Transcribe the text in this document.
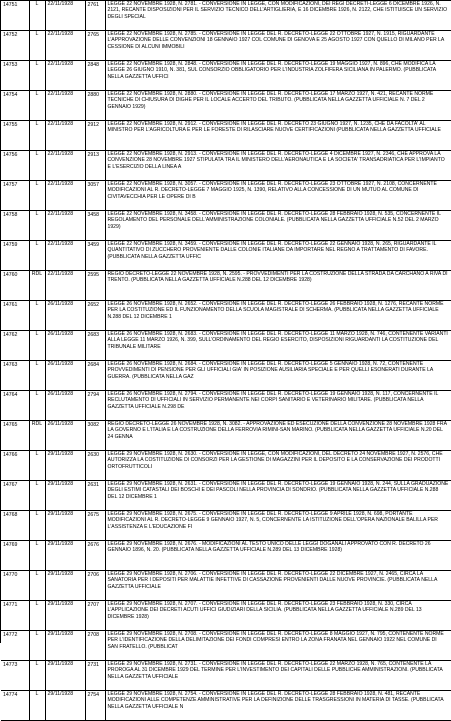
14751	L	22/11/1928	2761	LEGGE 22 NOVEMBRE 1928, N. 2781. - CONVERSIONE IN LEGGE, CON MODIFICAZIONI, DEI REGI DECRETI-LEGGE 6 DICEMBRE 1926, N. 2121, RECANTE DISPOSIZIONI PER IL SERVIZIO TECNICO DELL'ARTIGLIERIA, E 16 DICEMBRE 1926, N. 2122, CHE ISTITUISCE UN SERVIZIO DEGLI SPECIAL
14752	L	22/11/1928	2765	LEGGE 22 NOVEMBRE 1928, N. 2785. - CONVERSIONE IN LEGGE DEL R. DECRETO-LEGGE 22 OTTOBRE 1927, N. 1915, RIGUARDANTE L'APPROVAZIONE DELLE CONVENZIONI 18 GENNAIO 1927 COL COMUNE DI GENOVA E 25 AGOSTO 1927 CON QUELLO DI MILANO PER LA CESSIONE DI ALCUNI IMMOBILI
14753	L	22/11/1928	2848	LEGGE 22 NOVEMBRE 1928, N. 2848. - CONVERSIONE IN LEGGE DEL R. DECRETO-LEGGE 19 MAGGIO 1927, N. 896, CHE MODIFICA LA LEGGE 26 GIUGNO 1910, N. 381, SUL CONSORZIO OBBLIGATORIO PER L'INDUSTRIA ZOLFIFERA SICILIANA IN PALERMO. (PUBBLICATA NELLA GAZZETTA UFFICI
14754	L	22/11/1928	2880	LEGGE 22 NOVEMBRE 1928, N. 2880. - CONVERSIONE IN LEGGE DEL R. DECRETO-LEGGE 17 MARZO 1927, N. 421, RECANTE NORME TECNICHE DI CHIUSURA DI DIGHE PER IL LOCALE ACCERTO DEL TRIBUTO. (PUBBLICATA NELLA GAZZETTA UFFICIALE N. 7 DEL 2 GENNAIO 1929)
14755	L	22/11/1928	2912	LEGGE 22 NOVEMBRE 1928, N. 2912. - CONVERSIONE IN LEGGE DEL R. DECRETO 23 GIUGNO 1927, N. 1235, CHE DA FACOLTA' AL MINISTRO PER L'AGRICOLTURA E PER LE FORESTE DI RILASCIARE NUOVE CERTIFICAZIONI (PUBBLICATA NELLA GAZZETTA UFFICIALE
14756	L	22/11/1928	2913	LEGGE 22 NOVEMBRE 1928, N. 2913. - CONVERSIONE IN LEGGE DEL R. DECRETO-LEGGE 4 DICEMBRE 1927, N. 2346, CHE APPROVA LA CONVENZIONE 28 NOVEMBRE 1927 STIPULATA TRA IL MINISTERO DELL'AERONAUTICA E LA SOCIETA' TRANSADRIATICA PER L'IMPIANTO E L'ESERCIZIO DELLA LINEA A
14757	L	22/11/1928	3057	LEGGE 22 NOVEMBRE 1928, N. 3057. - CONVERSIONE IN LEGGE DEL R. DECRETO-LEGGE 23 OTTOBRE 1927, N. 2108, CONCERNENTE MODIFICAZIONI AL R. DECRETO-LEGGE 7 MAGGIO 1925, N. 1390, RELATIVO ALLA CONCESSIONE DI UN MUTUO AL COMUNE DI CIVITAVECCHIA PER LE OPERE DI B
14758	L	22/11/1928	3458	LEGGE 22 NOVEMBRE 1928, N. 3458. - CONVERSIONE IN LEGGE DEL R. DECRETO-LEGGE 28 FEBBRAIO 1928, N. 535, CONCERNENTE IL REGOLAMENTO DEL PERSONALE DELL'AMMINISTRAZIONE COLONIALE. (PUBBLICATA NELLA GAZZETTA UFFICIALE N.52 DEL 2 MARZO 1929)
14759	L	22/11/1928	3459	LEGGE 22 NOVEMBRE 1928, N. 3459. - CONVERSIONE IN LEGGE DEL R. DECRETO-LEGGE 22 GENNAIO 1928, N. 265, RIGUARDANTE IL QUANTITATIVO DI ZUCCHERO PROVENIENTE DALLE COLONIE ITALIANE DA IMPORTARE NEL REGNO A TRATTAMENTO DI FAVORE. (PUBBLICATA NELLA GAZZETTA UFFIC
14760	RDL	22/11/1928	2595	REGIO DECRETO-LEGGE 22 NOVEMBRE 1928, N. 2595. - PROVVEDIMENTI PER LA COSTRUZIONE DELLA STRADA DA CARCHANO A RIVA DI TRENTO. (PUBBLICATA NELLA GAZZETTA UFFICIALE N.288 DEL 12 DICEMBRE 1928)
14761	L	26/11/1928	2652	LEGGE 26 NOVEMBRE 1928, N. 2652. - CONVERSIONE IN LEGGE DEL R. DECRETO-LEGGE 26 FEBBRAIO 1928, N. 1276, RECANTE NORME PER LA COSTITUZIONE ED IL FUNZIONAMENTO DELLA SCUOLA MAGISTRALE DI SCHERMA. (PUBBLICATA NELLA GAZZETTA UFFICIALE N.288 DEL 12 DICEMBRE 1
14762	L	26/11/1928	2683	LEGGE 26 NOVEMBRE 1928, N. 2683. - CONVERSIONE IN LEGGE DEL R. DECRETO-LEGGE 11 MARZO 1928, N. 746, CONTENENTE VARIANTI ALLA LEGGE 11 MARZO 1926, N. 399, SULL'ORDINAMENTO DEL REGIO ESERCITO, DISPOSIZIONI RIGUARDANTI LA COSTITUZIONE DEL TRIBUNALE MILITARE
14763	L	26/11/1928	2684	LEGGE 26 NOVEMBRE 1928, N. 2684. - CONVERSIONE IN LEGGE DEL R. DECRETO-LEGGE 5 GENNAIO 1928, N. 72, CONTENENTE PROVVEDIMENTI DI PENSIONE PER GLI UFFICIALI GIA' IN POSIZIONE AUSILIARIA SPECIALE E PER QUELLI ESONERATI DURANTE LA GUERRA. (PUBBLICATA NELLA GAZ
14764	L	26/11/1928	2794	LEGGE 26 NOVEMBRE 1928, N. 2794. - CONVERSIONE IN LEGGE DEL R. DECRETO-LEGGE 19 GENNAIO 1928, N. 117, CONCERNENTE IL RECLUTAMENTO DI UFFICIALI IN SERVIZIO PERMANENTE NEI CORPI SANITARIO E VETERINARIO MILITARE. (PUBBLICATA NELLA GAZZETTA UFFICIALE N.298 DE
14765	RDL	26/11/1928	3082	REGIO DECRETO-LEGGE 26 NOVEMBRE 1928, N. 3082. - APPROVAZIONE ED ESECUZIONE DELLA CONVENZIONE 28 NOVEMBRE 1928 FRA LA GOVERNO E L'ITALIA E LA COSTRUZIONE DELLA FERROVIA RIMINI-SAN MARINO. (PUBBLICATA NELLA GAZZETTA UFFICIALE N.20 DEL 24 GENNA
14766	L	29/11/1928	2630	LEGGE 29 NOVEMBRE 1928, N. 2630. - CONVERSIONE IN LEGGE, CON MODIFICAZIONI, DEL DECRETO 24 NOVEMBRE 1927, N. 2576, CHE AUTORIZZA LA COSTITUZIONE DI CONSORZI PER LA GESTIONE DI MAGAZZINI PER IL DEPOSITO E LA CONSERVAZIONE DEI PRODOTTI ORTOFRUTTICOLI
14767	L	29/11/1928	2631	LEGGE 29 NOVEMBRE 1928, N. 2631. - CONVERSIONE IN LEGGE DEL R. DECRETO-LEGGE 19 GENNAIO 1928, N. 244, SULLA GRADUAZIONE DEGLI ESTIMI CATASTALI DEI BOSCHI E DEI PASCOLI NELLA PROVINCIA DI SONDRIO. (PUBBLICATA NELLA GAZZETTA UFFICIALE N.288 DEL 12 DICEMBRE 1
14768	L	29/11/1928	2675	LEGGE 29 NOVEMBRE 1928, N. 2675. - CONVERSIONE IN LEGGE DEL R. DECRETO-LEGGE 9 APRILE 1928, N. 698, PORTANTE MODIFICAZIONI AL R. DECRETO-LEGGE 9 GENNAIO 1927, N. 5, CONCERNENTE LA ISTITUZIONE DELL'OPERA NAZIONALE BALILLA PER L'ASSISTENZA E L'EDUCAZIONE FI
14769	L	29/11/1928	2676	LEGGE 29 NOVEMBRE 1928, N. 2676. - MODIFICAZIONI AL TESTO UNICO DELLE LEGGI DOGANALI APPROVATO CON R. DECRETO 26 GENNAIO 1896, N. 20. (PUBBLICATA NELLA GAZZETTA UFFICIALE N.289 DEL 13 DICEMBRE 1928)
14770	L	29/11/1928	2706	LEGGE 29 NOVEMBRE 1928, N. 2706. - CONVERSIONE IN LEGGE DEL R. DECRETO-LEGGE 22 DICEMBRE 1927, N. 2465, CIRCA LA SANATORIA PER I DEPOSITI PER MALATTIE INFETTIVE DI CASSAZIONE PROVENIENTI DALLE NUOVE PROVINCIE. (PUBBLICATA NELLA GAZZETTA UFFICIALE
14771	L	29/11/1928	2707	LEGGE 29 NOVEMBRE 1928, N. 2707. - CONVERSIONE IN LEGGE DEL R. DECRETO-LEGGE 23 FEBBRAIO 1928, N. 330, CIRCA L'APPLICAZIONE DEI DECRETI ACUTI UFFICI GIUDIZIARI DELLA SICILIA. (PUBBLICATA NELLA GAZZETTA UFFICIALE N.289 DEL 13 DICEMBRE 1928)
14772	L	29/11/1928	2708	LEGGE 29 NOVEMBRE 1928, N. 2708. - CONVERSIONE IN LEGGE DEL R. DECRETO-LEGGE 8 MAGGIO 1927, N. 795, CONTENENTE NORME PER L'IDENTIFICAZIONE DELLA DELIMITAZIONE DEI FONDI COMPRESI ENTRO LA ZONA FRANATA NEL GENNAIO 1922 NEL COMUNE DI SAN FRATELLO. (PUBBLICAT
14773	L	29/11/1928	2731	LEGGE 29 NOVEMBRE 1928, N. 2731. - CONVERSIONE IN LEGGE DEL R. DECRETO-LEGGE 22 MARZO 1928, N. 765, CONTENENTE LA PROROGA AL 31 DICEMBRE 1929 DEL TERMINE PER L'INVESTIMENTO DEI CAPITALI DELLE PUBBLICHE AMMINISTRAZIONI. (PUBBLICATA NELLA GAZZETTA UFFICIALE
14774	L	29/11/1928	2754	LEGGE 29 NOVEMBRE 1928, N. 2754. - CONVERSIONE IN LEGGE DEL R. DECRETO-LEGGE 28 FEBBRAIO 1928, N. 481, RECANTE MODIFICAZIONI ALLE COMPETENZE AMMINISTRATIVE PER LA DEFINIZIONE DELLE TRASGRESSIONI IN MATERIA DI TASSE. (PUBBLICATA NELLA GAZZETTA UFFICIALE N
